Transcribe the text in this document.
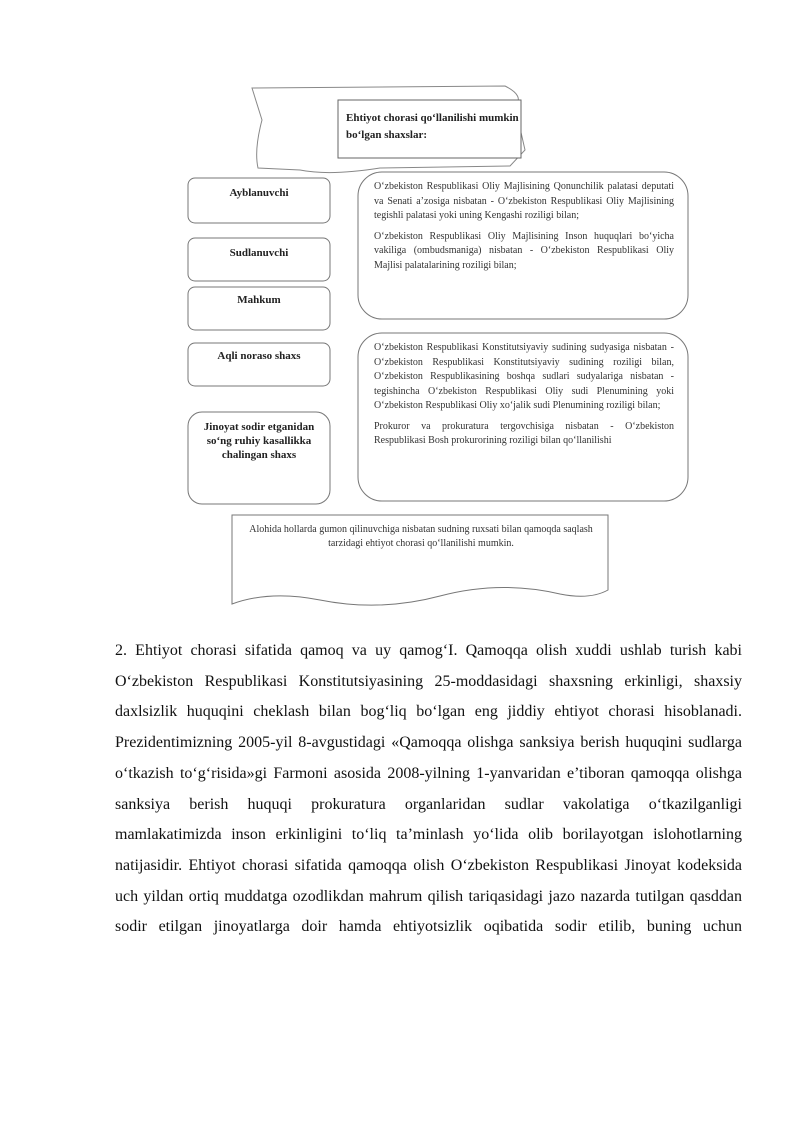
Ehtiyot chorasi qo‘llanilishi mumkin bo‘lgan shaxslar:
Ayblanuvchi
Sudlanuvchi
Mahkum
Aqli noraso shaxs
Jinoyat sodir etganidan so‘ng ruhiy kasallikka chalingan shaxs

O‘zbekiston Respublikasi Oliy Majlisining Qonunchilik palatasi deputati va Senati a’zosiga nisbatan - O‘zbekiston Respublikasi Oliy Majlisining tegishli palatasi yoki uning Kengashi roziligi bilan;

O‘zbekiston Respublikasi Oliy Majlisining Inson huquqlari bo‘yicha vakiliga (ombudsmaniga) nisbatan - O‘zbekiston Respublikasi Oliy Majlisi palatalarining roziligi bilan;

O‘zbekiston Respublikasi Konstitutsiyaviy sudining sudyasiga nisbatan - O‘zbekiston Respublikasi Konstitutsiyaviy sudining roziligi bilan, O‘zbekiston Respublikasining boshqa sudlari sudyalariga nisbatan - tegishincha O‘zbekiston Respublikasi Oliy sudi Plenumining yoki O‘zbekiston Respublikasi Oliy xo‘jalik sudi Plenumining roziligi bilan;

Prokuror va prokuratura tergovchisiga nisbatan - O‘zbekiston Respublikasi Bosh prokurorining roziligi bilan qo‘llanilishi

Alohida hollarda gumon qilinuvchiga nisbatan sudning ruxsati bilan qamoqda saqlash tarzidagi ehtiyot chorasi qo‘llanilishi mumkin.
2. Ehtiyot chorasi sifatida qamoq va uy qamog‘I. Qamoqqa olish xuddi ushlab turish kabi O‘zbekiston Respublikasi Konstitutsiyasining 25-moddasidagi shaxsning erkinligi, shaxsiy daxlsizlik huquqini cheklash bilan bog‘liq bo‘lgan eng jiddiy ehtiyot chorasi hisoblanadi. Prezidentimizning 2005-yil 8-avgustidagi «Qamoqqa olishga sanksiya berish huquqini sudlarga o‘tkazish to‘g‘risida»gi Farmoni asosida 2008-yilning 1-yanvaridan e’tiboran qamoqqa olishga sanksiya berish huquqi prokuratura organlaridan sudlar vakolatiga o‘tkazilganligi mamlakatimizda inson erkinligini to‘liq ta’minlash yo‘lida olib borilayotgan islohotlarning natijasidir. Ehtiyot chorasi sifatida qamoqqa olish O‘zbekiston Respublikasi Jinoyat kodeksida uch yildan ortiq muddatga ozodlikdan mahrum qilish tariqasidagi jazo nazarda tutilgan qasddan sodir etilgan jinoyatlarga doir hamda ehtiyotsizlik oqibatida sodir etilib, buning uchun
